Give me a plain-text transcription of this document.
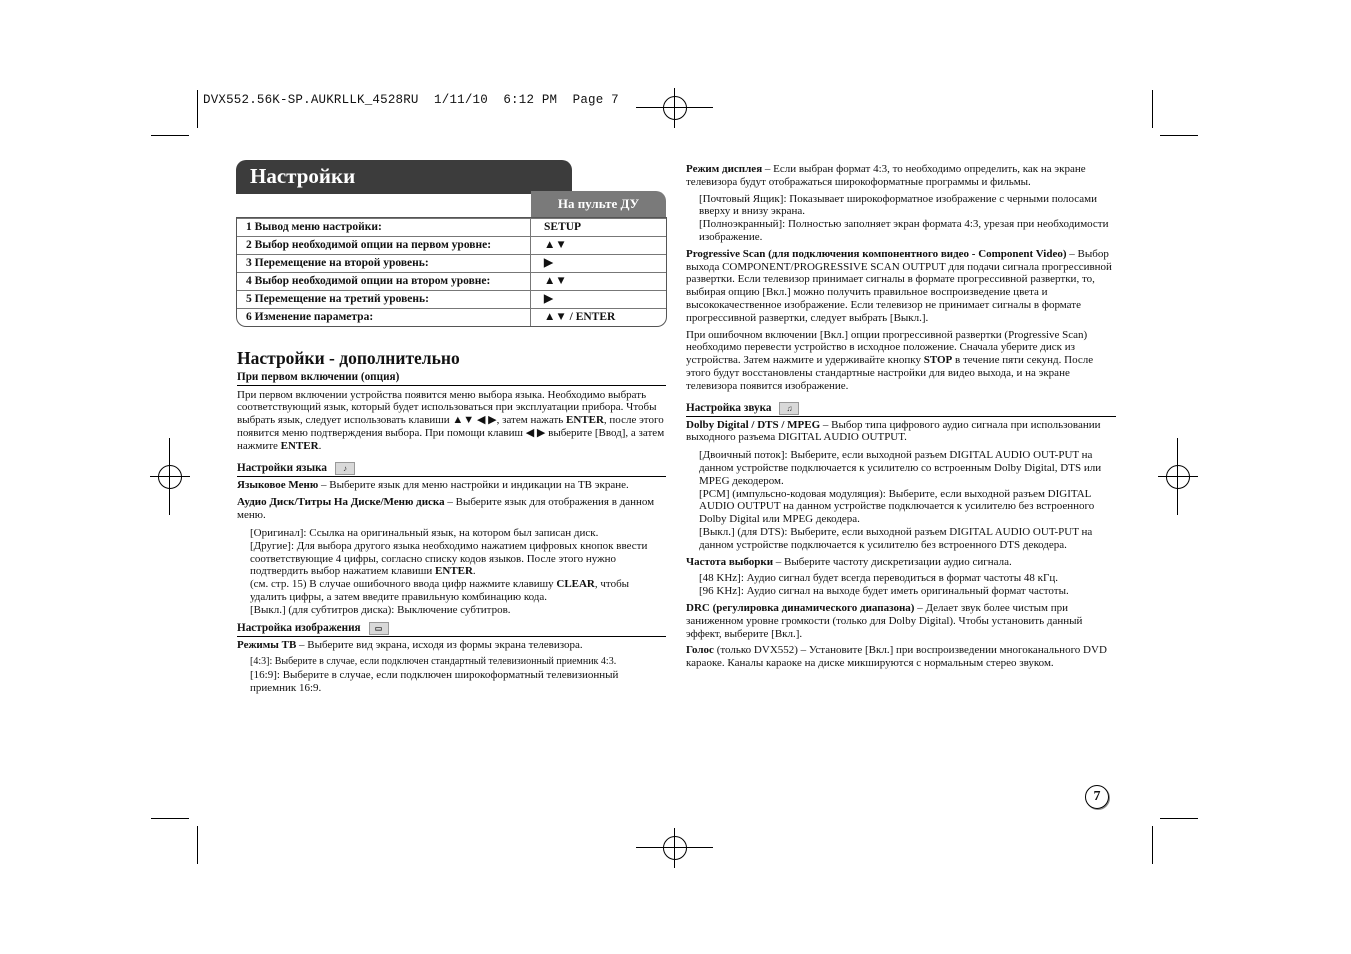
DVX552.56K-SP.AUKRLLK_4528RU  1/11/10  6:12 PM  Page 7
Настройки
На пульте ДУ
1 Вывод меню настройки:	SETUP
2 Выбор необходимой опции на первом уровне:	▲▼
3 Перемещение на второй уровень:	▶
4 Выбор необходимой опции на втором уровне:	▲▼
5 Перемещение на третий уровень:	▶
6 Изменение параметра:	▲▼ / ENTER
Настройки - дополнительно
При первом включении (опция)

При первом включении устройства появится меню выбора языка. Необходимо выбрать соответствующий язык, который будет использоваться при эксплуатации прибора. Чтобы выбрать язык, следует использовать клавиши ▲▼ ◀ ▶, затем нажать ENTER, после этого появится меню подтверждения выбора. При помощи клавиш ◀ ▶ выберите [Ввод], а затем нажмите ENTER.

Настройки языка ♪

Языковое Меню – Выберите язык для меню настройки и индикации на ТВ экране.

Аудио Диск/Титры На Диске/Меню диска – Выберите язык для отображения в данном меню.

[Оригинал]: Ссылка на оригинальный язык, на котором был записан диск.

[Другие]: Для выбора другого языка необходимо нажатием цифровых кнопок ввести соответствующие 4 цифры, согласно списку кодов языков. После этого нужно подтвердить выбор нажатием клавиши ENTER.

(см. стр. 15) В случае ошибочного ввода цифр нажмите клавишу CLEAR, чтобы удалить цифры, а затем введите правильную комбинацию кода.

[Выкл.] (для субтитров диска): Выключение субтитров.

Настройка изображения ▭

Режимы ТВ – Выберите вид экрана, исходя из формы экрана телевизора.

[4:3]: Выберите в случае, если подключен стандартный телевизионный приемник 4:3.

[16:9]: Выберите в случае, если подключен широкоформатный телевизионный приемник 16:9.

Режим дисплея – Если выбран формат 4:3, то необходимо определить, как на экране телевизора будут отображаться широкоформатные программы и фильмы.

[Почтовый Ящик]: Показывает широкоформатное изображение с черными полосами вверху и внизу экрана.

[Полноэкранный]: Полностью заполняет экран формата 4:3, урезая при необходимости изображение.

Progressive Scan (для подключения компонентного видео - Component Video) – Выбор выхода COMPONENT/PROGRESSIVE SCAN OUTPUT для подачи сигнала прогрессивной развертки. Если телевизор принимает сигналы в формате прогрессивной развертки, то, выбирая опцию [Вкл.] можно получить правильное воспроизведение цвета и высококачественное изображение. Если телевизор не принимает сигналы в формате прогрессивной развертки, следует выбрать [Выкл.].

При ошибочном включении [Вкл.] опции прогрессивной развертки (Progressive Scan) необходимо перевести устройство в исходное положение. Сначала уберите диск из устройства. Затем нажмите и удерживайте кнопку STOP в течение пяти секунд. После этого будут восстановлены стандартные настройки для видео выхода, и на экране телевизора появится изображение.

Настройка звука ♫

Dolby Digital / DTS / MPEG – Выбор типа цифрового аудио сигнала при использовании выходного разъема DIGITAL AUDIO OUTPUT.

[Двоичный поток]: Выберите, если выходной разъем DIGITAL AUDIO OUT-PUT на данном устройстве подключается к усилителю со встроенным Dolby Digital, DTS или MPEG декодером.

[PCM] (импульсно-кодовая модуляция): Выберите, если выходной разъем DIGITAL AUDIO OUTPUT на данном устройстве подключается к усилителю без встроенного Dolby Digital или MPEG декодера.

[Выкл.] (для DTS): Выберите, если выходной разъем DIGITAL AUDIO OUT-PUT на данном устройстве подключается к усилителю без встроенного DTS декодера.

Частота выборки – Выберите частоту дискретизации аудио сигнала.

[48 KHz]: Аудио сигнал будет всегда переводиться в формат частоты 48 кГц.

[96 KHz]: Аудио сигнал на выходе будет иметь оригинальный формат частоты.

DRC (регулировка динамического диапазона) – Делает звук более чистым при заниженном уровне громкости (только для Dolby Digital). Чтобы установить данный эффект, выберите [Вкл.].

Голос (только DVX552) – Установите [Вкл.] при воспроизведении многоканального DVD караоке. Каналы караоке на диске микшируются с нормальным стерео звуком.

7
